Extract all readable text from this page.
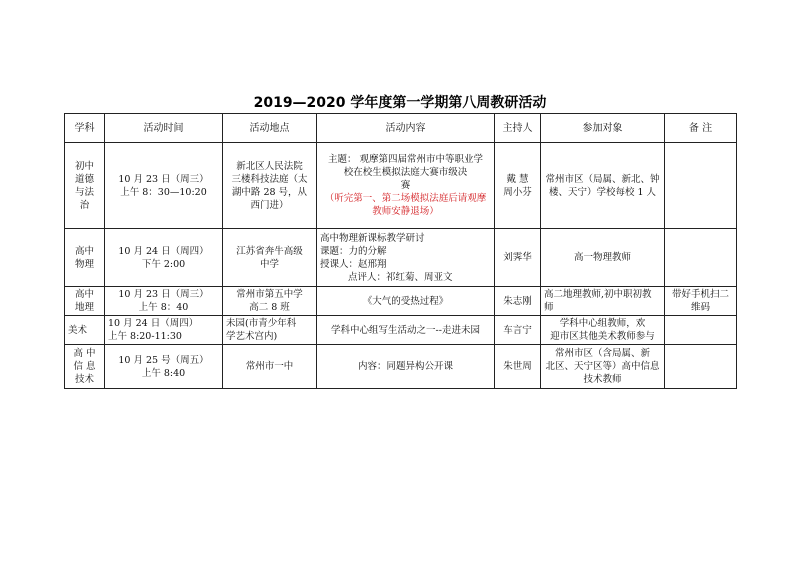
2019—2020 学年度第一学期第八周教研活动
学科	活动时间	活动地点	活动内容	主持人	参加对象	备 注

初中
道德
与法
治	10 月 23 日（周三）
上午 8：30—10:20	新北区人民法院
三楼科技法庭（太
湖中路 28 号，从
西门进）	主题： 观摩第四届常州市中等职业学
校在校生模拟法庭大赛市级决
赛
（听完第一、第二场模拟法庭后请观摩
教师安静退场）	戴 慧
周小芬	常州市区（局属、新北、钟
楼、天宁）学校每校 1 人	

高中
物理	10 月 24 日（周四）
下午 2:00	江苏省奔牛高级
中学	高中物理新课标教学研讨
课题：力的分解
授课人：赵邢翔
点评人：祁红菊、周亚文	刘霁华	高一物理教师	

高中
地理	10 月 23 日（周三）
上午 8：40	常州市第五中学
高二 8 班	《大气的受热过程》	朱志刚	高二地理教师,初中职初教
师	带好手机扫二维码
美术	10 月 24 日（周四）
上午 8:20-11:30	未园(市青少年科
学艺术宫内)	学科中心组写生活动之一--走进未园	车言宁	学科中心组教师，欢
迎市区其他美术教师参与	

高 中
信 息
技术	10 月 25 号（周五）
上午 8:40	常州市一中	内容：同题异构公开课	朱世周	常州市区（含局属、新
北区、天宁区等）高中信息
技术教师	
